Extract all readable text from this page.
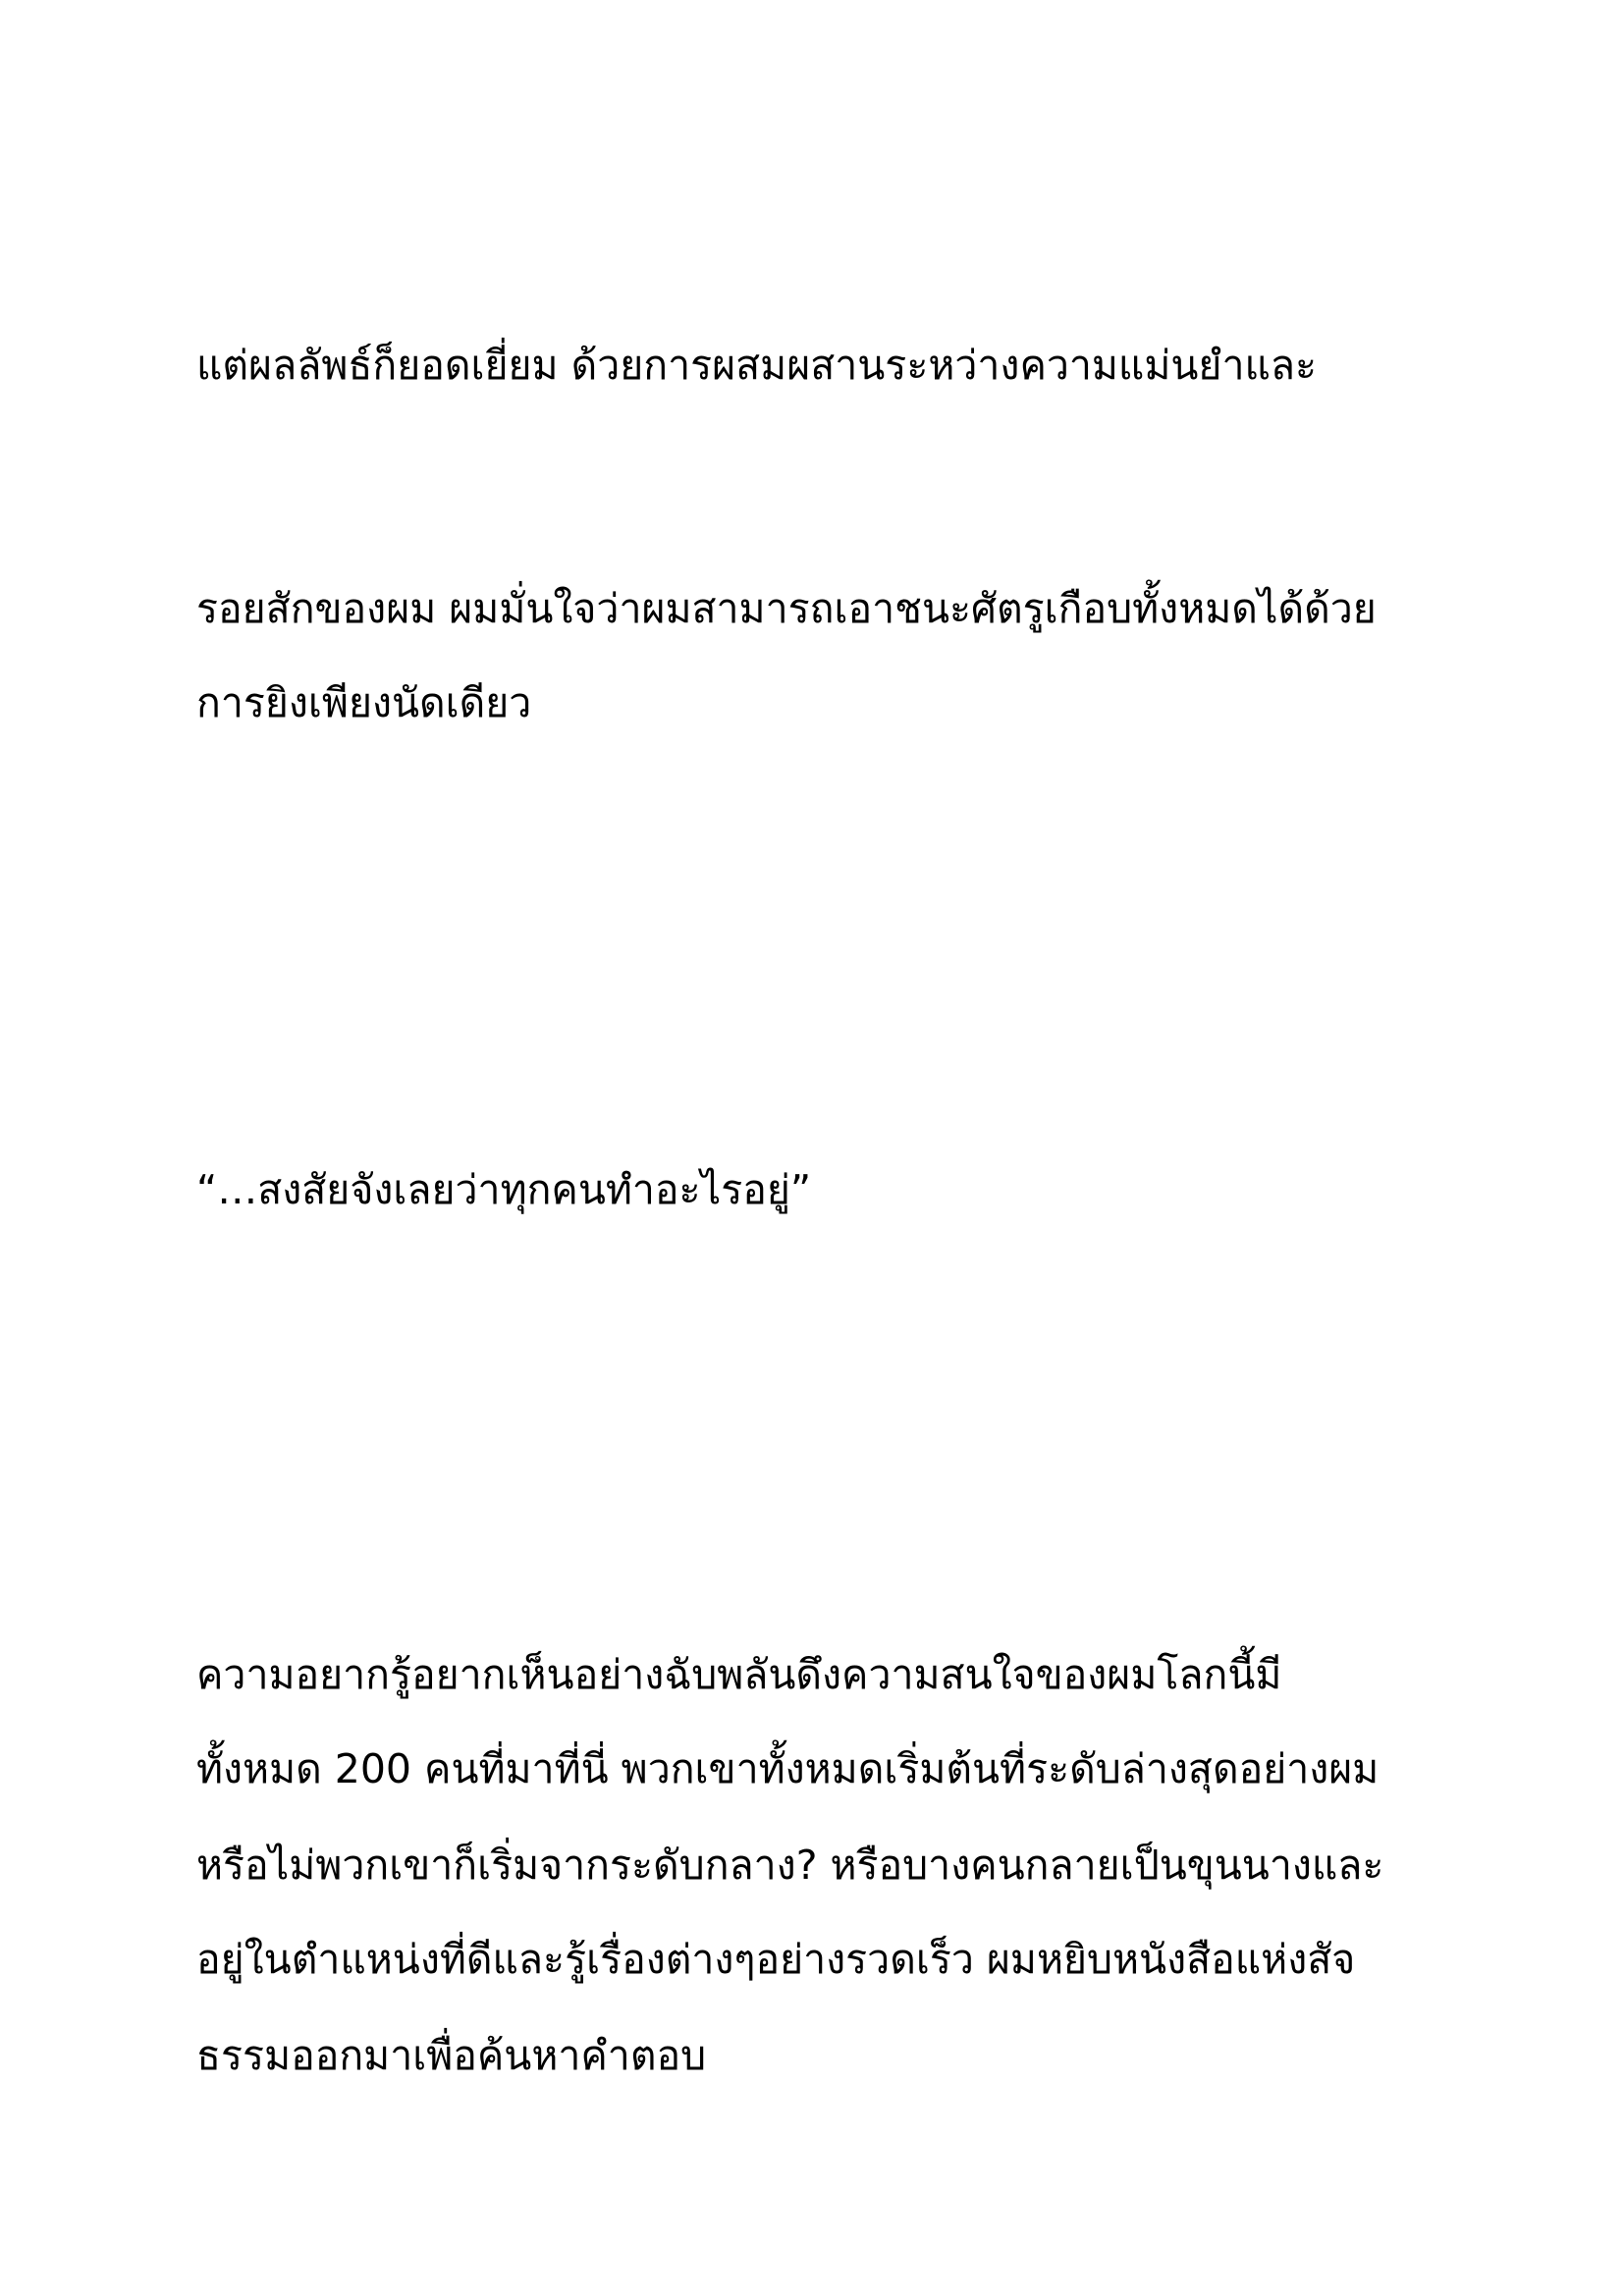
แต่ผลลัพธ์ก็ยอดเยี่ยม ด้วยการผสมผสานระหว่างความแม่นยำและ
รอยสักของผม ผมมั่นใจว่าผมสามารถเอาชนะศัตรูเกือบทั้งหมดได้ด้วย
การยิงเพียงนัดเดียว
“…สงสัยจังเลยว่าทุกคนทำอะไรอยู่”
ความอยากรู้อยากเห็นอย่างฉับพลันดึงความสนใจของผมโลกนี้มี
ทั้งหมด 200 คนที่มาที่นี่ พวกเขาทั้งหมดเริ่มต้นที่ระดับล่างสุดอย่างผม
หรือไม่พวกเขาก็เริ่มจากระดับกลาง? หรือบางคนกลายเป็นขุนนางและ
อยู่ในตำแหน่งที่ดีและรู้เรื่องต่างๆอย่างรวดเร็ว ผมหยิบหนังสือแห่งสัจ
ธรรมออกมาเพื่อค้นหาคำตอบ
